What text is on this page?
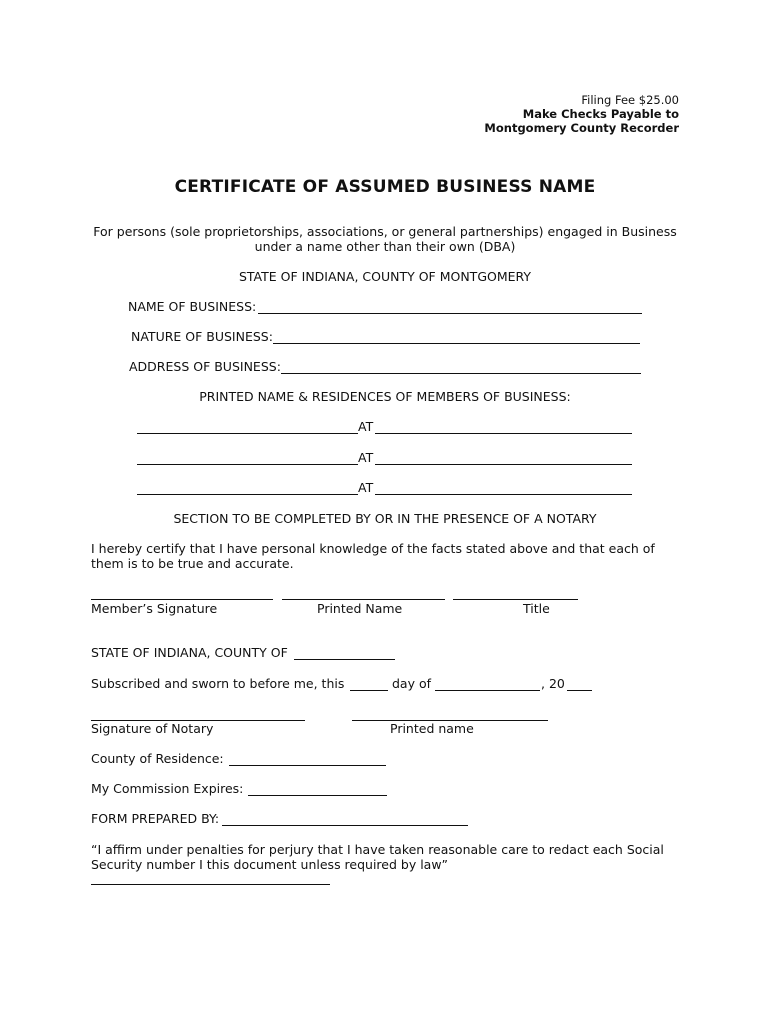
Filing Fee $25.00
Make Checks Payable to
Montgomery County Recorder
CERTIFICATE OF ASSUMED BUSINESS NAME
For persons (sole proprietorships, associations, or general partnerships) engaged in Business
under a name other than their own (DBA)
STATE OF INDIANA, COUNTY OF MONTGOMERY
NAME OF BUSINESS:
NATURE OF BUSINESS:
ADDRESS OF BUSINESS:
PRINTED NAME & RESIDENCES OF MEMBERS OF BUSINESS:
AT
AT
AT
SECTION TO BE COMPLETED BY OR IN THE PRESENCE OF A NOTARY
I hereby certify that I have personal knowledge of the facts stated above and that each of
them is to be true and accurate.
Member’s Signature	Printed Name	Title
STATE OF INDIANA, COUNTY OF
Subscribed and sworn to before me, this	day of	, 20
Signature of Notary	Printed name
County of Residence:
My Commission Expires:
FORM PREPARED BY:
“I affirm under penalties for perjury that I have taken reasonable care to redact each Social
Security number I this document unless required by law”
